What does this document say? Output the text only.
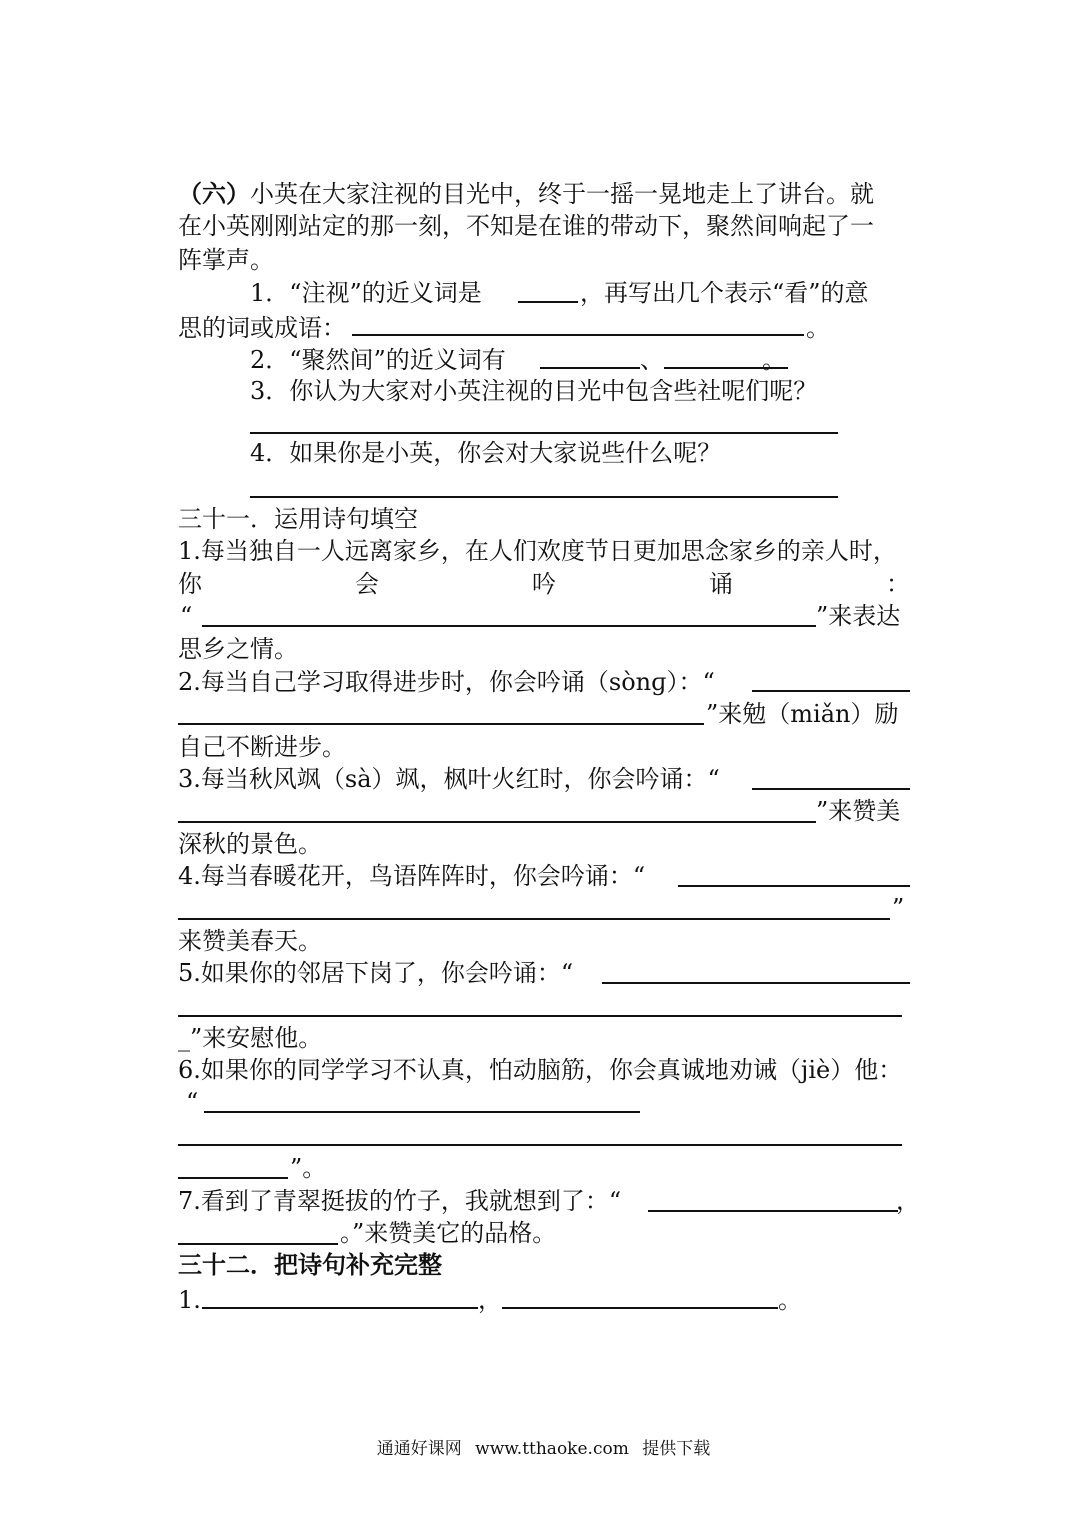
（六）小英在大家注视的目光中，终于一摇一晃地走上了讲台。就
在小英刚刚站定的那一刻，不知是在谁的带动下，聚然间响起了一
阵掌声。
1．“注视”的近义词是	，再写出几个表示“看”的意
思的词或成语：	。
2．“聚然间”的近义词有	、	。
3．你认为大家对小英注视的目光中包含些社呢们呢？
4．如果你是小英，你会对大家说些什么呢？
三十一．运用诗句填空
1.每当独自一人远离家乡，在人们欢度节日更加思念家乡的亲人时，
你	会	吟	诵	：
“	”来表达
思乡之情。
2.每当自己学习取得进步时，你会吟诵（sònɡ）：“
”来勉（miǎn）励
自己不断进步。
3.每当秋风飒（sà）飒，枫叶火红时，你会吟诵：“
”来赞美
深秋的景色。
4.每当春暖花开，鸟语阵阵时，你会吟诵：“
”
来赞美春天。
5.如果你的邻居下岗了，你会吟诵：“
_”来安慰他。
6.如果你的同学学习不认真，怕动脑筋，你会真诚地劝诫（jiè）他：
“
”。
7.看到了青翠挺拔的竹子，我就想到了：“	，
。”来赞美它的品格。
三十二．把诗句补充完整
1.	，	。
通通好课网 www.tthaoke.com 提供下载
